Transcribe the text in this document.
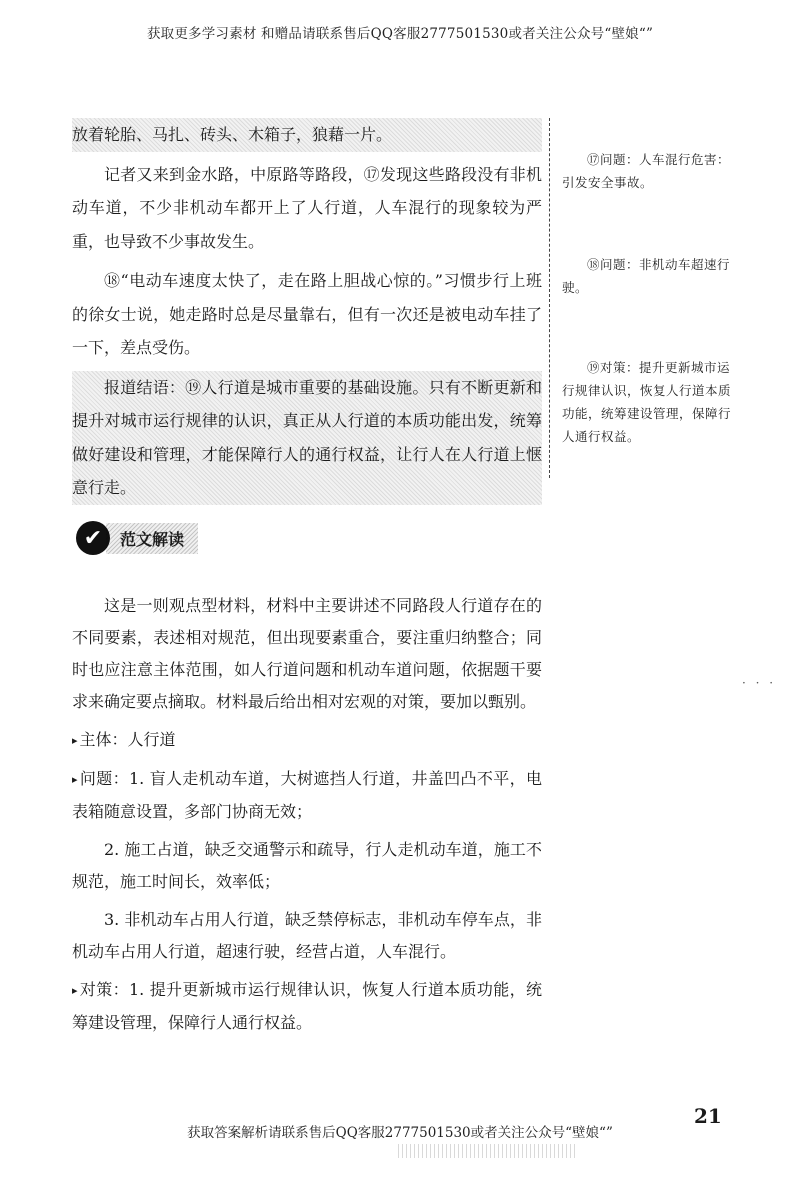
获取更多学习素材 和赠品请联系售后QQ客服2777501530或者关注公众号“壁娘“”

放着轮胎、马扎、砖头、木箱子，狼藉一片。

记者又来到金水路，中原路等路段，⑰发现这些路段没有非机动车道，不少非机动车都开上了人行道，人车混行的现象较为严重，也导致不少事故发生。

⑱“电动车速度太快了，走在路上胆战心惊的。”习惯步行上班的徐女士说，她走路时总是尽量靠右，但有一次还是被电动车挂了一下，差点受伤。

报道结语：⑲人行道是城市重要的基础设施。只有不断更新和提升对城市运行规律的认识，真正从人行道的本质功能出发，统筹做好建设和管理，才能保障行人的通行权益，让行人在人行道上惬意行走。

⑰问题：人车混行危害：引发安全事故。
⑱问题：非机动车超速行驶。
⑲对策：提升更新城市运行规律认识，恢复人行道本质功能，统筹建设管理，保障行人通行权益。
✔	范文解读

这是一则观点型材料，材料中主要讲述不同路段人行道存在的不同要素，表述相对规范，但出现要素重合，要注重归纳整合；同时也应注意主体范围，如人行道问题和机动车道问题，依据题干要求来确定要点摘取。材料最后给出相对宏观的对策，要加以甄别。

▸ 主体：人行道

▸ 问题：1. 盲人走机动车道，大树遮挡人行道，井盖凹凸不平，电表箱随意设置，多部门协商无效；

2. 施工占道，缺乏交通警示和疏导，行人走机动车道，施工不规范，施工时间长，效率低；

3. 非机动车占用人行道，缺乏禁停标志，非机动车停车点，非机动车占用人行道，超速行驶，经营占道，人车混行。

▸ 对策：1. 提升更新城市运行规律认识，恢复人行道本质功能，统筹建设管理，保障行人通行权益。

· · ·
21
获取答案解析请联系售后QQ客服2777501530或者关注公众号“壁娘“”
